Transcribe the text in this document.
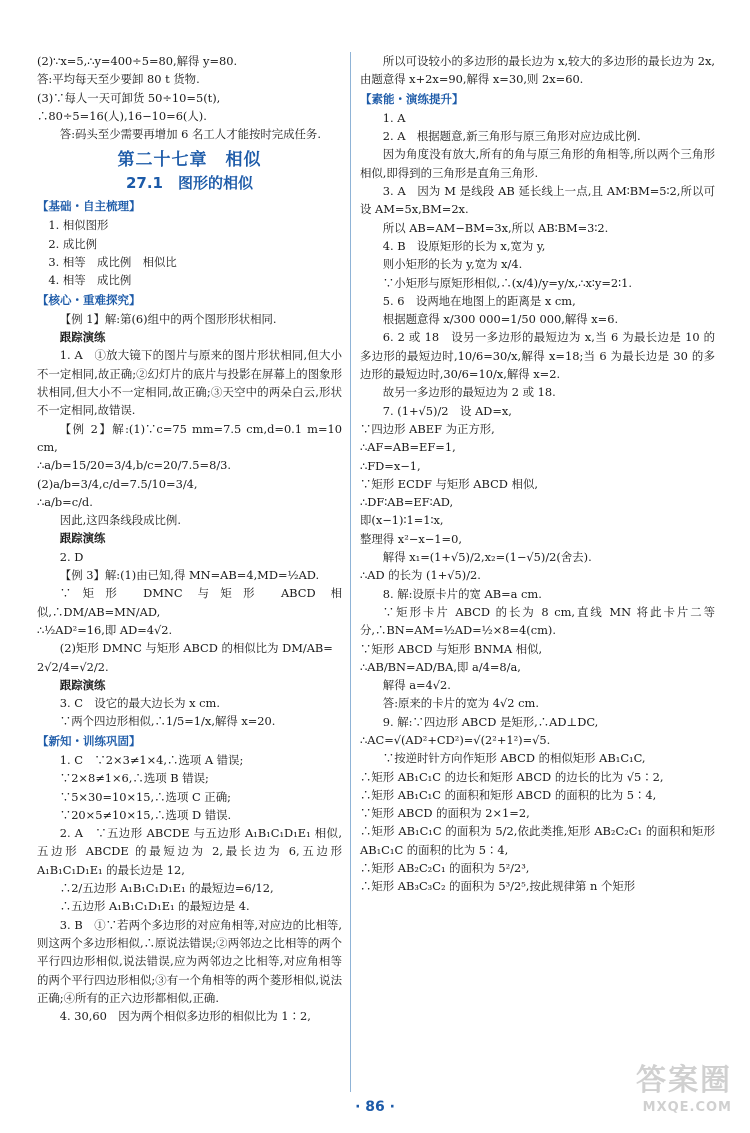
(2)∵x=5,∴y=400÷5=80,解得 y=80.

答:平均每天至少要卸 80 t 货物.

(3)∵每人一天可卸货 50÷10=5(t),

∴80÷5=16(人),16−10=6(人).

答:码头至少需要再增加 6 名工人才能按时完成任务.

第二十七章　相似
27.1　图形的相似
【基础・自主梳理】

1. 相似图形

2. 成比例

3. 相等　成比例　相似比

4. 相等　成比例

【核心・重难探究】

【例 1】解:第(6)组中的两个图形形状相同.

跟踪演练

1. A　①放大镜下的图片与原来的图片形状相同,但大小不一定相同,故正确;②幻灯片的底片与投影在屏幕上的图象形状相同,但大小不一定相同,故正确;③天空中的两朵白云,形状不一定相同,故错误.

【例 2】解:(1)∵c=75 mm=7.5 cm,d=0.1 m=10 cm,

∴a/b=15/20=3/4,b/c=20/7.5=8/3.

(2)a/b=3/4,c/d=7.5/10=3/4,

∴a/b=c/d.

因此,这四条线段成比例.

跟踪演练

2. D

【例 3】解:(1)由已知,得 MN=AB=4,MD=½AD.

∵矩形 DMNC 与矩形 ABCD 相似,∴DM/AB=MN/AD,

∴½AD²=16,即 AD=4√2.

(2)矩形 DMNC 与矩形 ABCD 的相似比为 DM/AB=

2√2/4=√2/2.

跟踪演练

3. C　设它的最大边长为 x cm.

∵两个四边形相似,∴1/5=1/x,解得 x=20.

【新知・训练巩固】

1. C　∵2×3≠1×4,∴选项 A 错误;

∵2×8≠1×6,∴选项 B 错误;

∵5×30=10×15,∴选项 C 正确;

∵20×5≠10×15,∴选项 D 错误.

2. A　∵五边形 ABCDE 与五边形 A₁B₁C₁D₁E₁ 相似,五边形 ABCDE 的最短边为 2,最长边为 6,五边形 A₁B₁C₁D₁E₁ 的最长边是 12,

∴2/五边形 A₁B₁C₁D₁E₁ 的最短边=6/12,

∴五边形 A₁B₁C₁D₁E₁ 的最短边是 4.

3. B　①∵若两个多边形的对应角相等,对应边的比相等,则这两个多边形相似,∴原说法错误;②两邻边之比相等的两个平行四边形相似,说法错误,应为两邻边之比相等,对应角相等的两个平行四边形相似;③有一个角相等的两个菱形相似,说法正确;④所有的正六边形都相似,正确.

4. 30,60　因为两个相似多边形的相似比为 1∶2,

所以可设较小的多边形的最长边为 x,较大的多边形的最长边为 2x,由题意得 x+2x=90,解得 x=30,则 2x=60.

【素能・演练提升】

1. A

2. A　根据题意,新三角形与原三角形对应边成比例.

因为角度没有放大,所有的角与原三角形的角相等,所以两个三角形相似,即得到的三角形是直角三角形.

3. A　因为 M 是线段 AB 延长线上一点,且 AM∶BM=5∶2,所以可设 AM=5x,BM=2x.

所以 AB=AM−BM=3x,所以 AB∶BM=3∶2.

4. B　设原矩形的长为 x,宽为 y,

则小矩形的长为 y,宽为 x/4.

∵小矩形与原矩形相似,∴(x/4)/y=y/x,∴x∶y=2∶1.

5. 6　设两地在地图上的距离是 x cm,

根据题意得 x/300 000=1/50 000,解得 x=6.

6. 2 或 18　设另一多边形的最短边为 x,当 6 为最长边是 10 的多边形的最短边时,10/6=30/x,解得 x=18;当 6 为最长边是 30 的多边形的最短边时,30/6=10/x,解得 x=2.

故另一多边形的最短边为 2 或 18.

7. (1+√5)/2　设 AD=x,

∵四边形 ABEF 为正方形,

∴AF=AB=EF=1,

∴FD=x−1,

∵矩形 ECDF 与矩形 ABCD 相似,

∴DF∶AB=EF∶AD,

即(x−1)∶1=1∶x,

整理得 x²−x−1=0,

解得 x₁=(1+√5)/2,x₂=(1−√5)/2(舍去).

∴AD 的长为 (1+√5)/2.

8. 解:设原卡片的宽 AB=a cm.

∵矩形卡片 ABCD 的长为 8 cm,直线 MN 将此卡片二等分,∴BN=AM=½AD=½×8=4(cm).

∵矩形 ABCD 与矩形 BNMA 相似,

∴AB/BN=AD/BA,即 a/4=8/a,

解得 a=4√2.

答:原来的卡片的宽为 4√2 cm.

9. 解:∵四边形 ABCD 是矩形,∴AD⊥DC,

∴AC=√(AD²+CD²)=√(2²+1²)=√5.

∵按逆时针方向作矩形 ABCD 的相似矩形 AB₁C₁C,

∴矩形 AB₁C₁C 的边长和矩形 ABCD 的边长的比为 √5∶2,

∴矩形 AB₁C₁C 的面积和矩形 ABCD 的面积的比为 5∶4,

∵矩形 ABCD 的面积为 2×1=2,

∴矩形 AB₁C₁C 的面积为 5/2,依此类推,矩形 AB₂C₂C₁ 的面积和矩形 AB₁C₁C 的面积的比为 5∶4,

∴矩形 AB₂C₂C₁ 的面积为 5²/2³,

∴矩形 AB₃C₃C₂ 的面积为 5³/2⁵,按此规律第 n 个矩形

· 86 ·
答案圈
MXQE.COM
